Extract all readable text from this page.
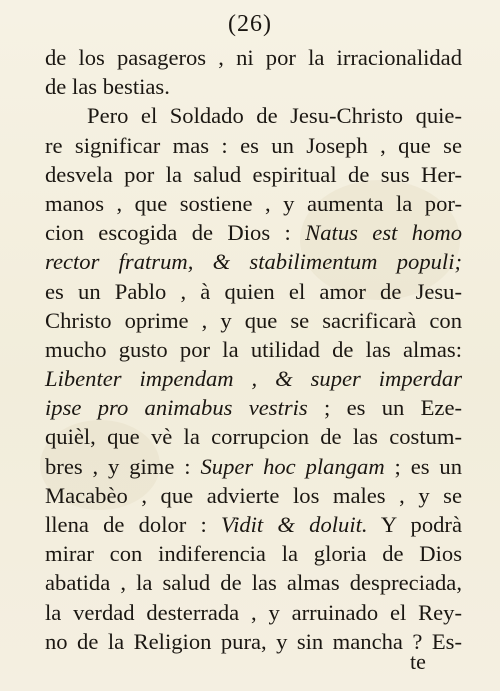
(26)
de los pasageros , ni por la irracionalidad
de las bestias.
Pero el Soldado de Jesu-Christo quie-
re significar mas : es un Joseph , que se
desvela por la salud espiritual de sus Her-
manos , que sostiene , y aumenta la por-
cion escogida de Dios : Natus est homo
rector fratrum, & stabilimentum populi;
es un Pablo , à quien el amor de Jesu-
Christo oprime , y que se sacrificarà con
mucho gusto por la utilidad de las almas:
Libenter impendam , & super imperdar
ipse pro animabus vestris ; es un Eze-
quièl, que vè la corrupcion de las costum-
bres , y gime : Super hoc plangam ; es un
Macabèo , que advierte los males , y se
llena de dolor : Vidit & doluit. Y podrà
mirar con indiferencia la gloria de Dios
abatida , la salud de las almas despreciada,
la verdad desterrada , y arruinado el Rey-
no de la Religion pura, y sin mancha ? Es-
te
